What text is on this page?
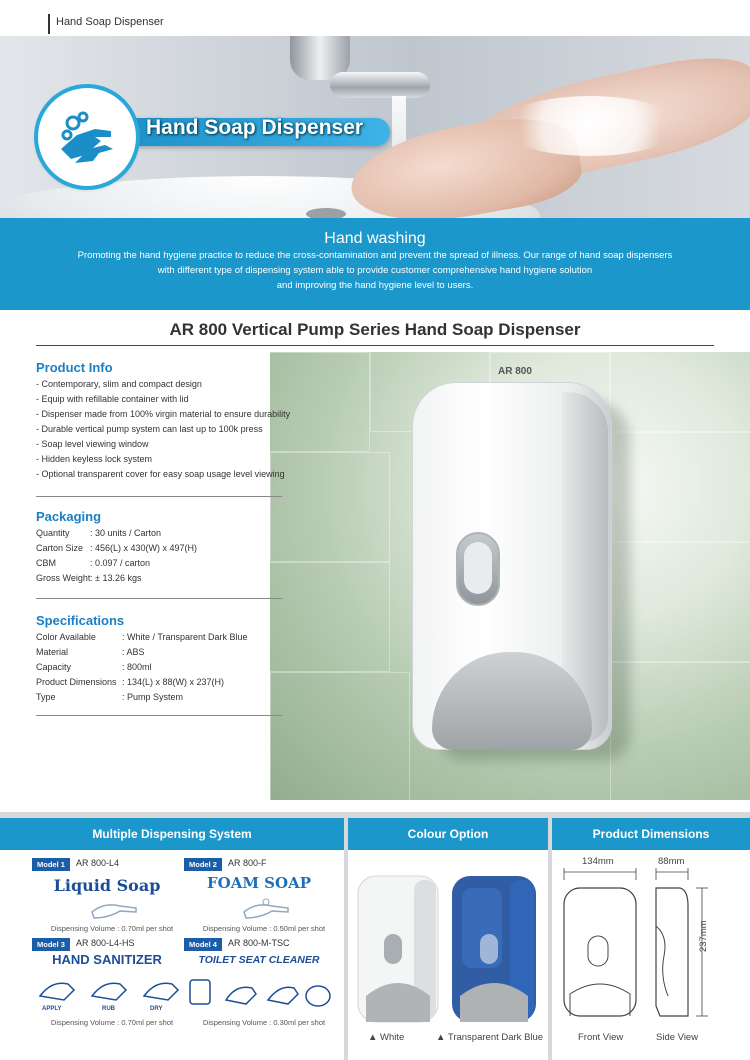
Hand Soap Dispenser
Hand Soap Dispenser
Hand washing

Promoting the hand hygiene practice to reduce the cross-contamination and prevent the spread of illness. Our range of hand soap dispensers

with different type of dispensing system able to provide customer comprehensive hand hygiene solution

and improving the hand hygiene level to users.

AR 800 Vertical Pump Series Hand Soap Dispenser
AR 800
Product Info
- Contemporary, slim and compact design
- Equip with refillable container with lid
- Dispenser made from 100% virgin material to ensure durability
- Durable vertical pump system can last up to 100k press
- Soap level viewing window
- Hidden keyless lock system
- Optional transparent cover for easy soap usage level viewing
Packaging
Quantity	: 30 units / Carton
Carton Size : 456(L) x 430(W) x 497(H)
CBM	: 0.097 / carton
Gross Weight : ± 13.26 kgs
Specifications
Color Available	: White / Transparent Dark Blue
Material	: ABS
Capacity	: 800ml
Product Dimensions : 134(L) x 88(W) x 237(H)
Type	: Pump System
Multiple Dispensing System
Model 1	AR 800-L4
Liquid Soap
Dispensing Volume : 0.70ml per shot
Model 2	AR 800-F
FOAM SOAP
Dispensing Volume : 0.50ml per shot
Model 3	AR 800-L4-HS
HAND SANITIZER
APPLY	RUB	DRY
Dispensing Volume : 0.70ml per shot
Model 4	AR 800-M-TSC
TOILET SEAT CLEANER
Dispensing Volume : 0.30ml per shot
Colour Option
▲ White	▲ Transparent Dark Blue
Product Dimensions
134mm	88mm
237mm
Front View	Side View
